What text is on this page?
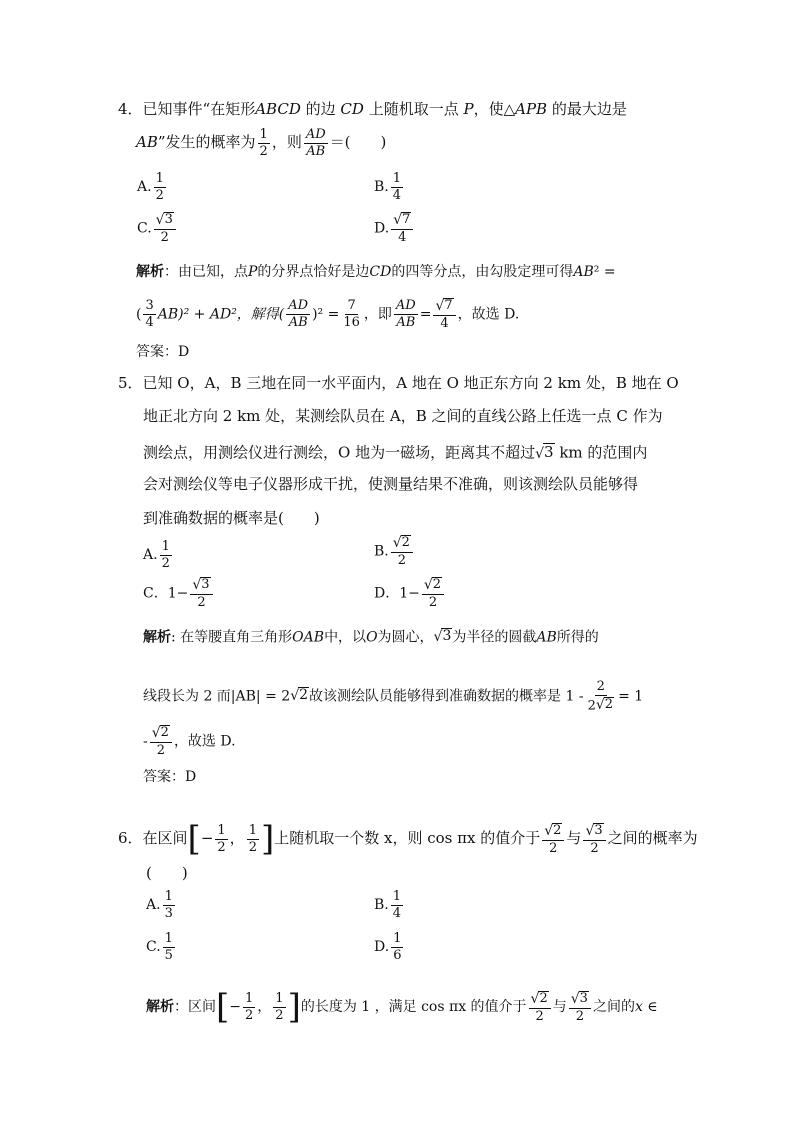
4．已知事件“在矩形ABCD 的边 CD 上随机取一点 P，使△APB 的最大边是
AB”发生的概率为 $\frac{1}{2}$ ，则 $\frac{AD}{AB}$ ＝(　　)
A. $\frac{1}{2}$	B. $\frac{1}{4}$
C. $\frac{√ 3}{2}$	D. $\frac{√ 7}{4}$
解析：由已知，点P的分界点恰好是边CD的四等分点，由勾股定理可得AB² =
( $\frac{3}{4} AB)^2 + AD^2$，解得( $\frac{AD}{AB} )^2 = \frac{7}{16}$ ，即 $\frac{AD}{AB} = \frac{√ 7}{4}$ ，故选 D.
答案：D
5．已知 O，A，B 三地在同一水平面内，A 地在 O 地正东方向 2 km 处，B 地在 O
地正北方向 2 km 处，某测绘队员在 A，B 之间的直线公路上任选一点 C 作为
测绘点，用测绘仪进行测绘，O 地为一磁场，距离其不超过 √ 3 km 的范围内
会对测绘仪等电子仪器形成干扰，使测量结果不准确，则该测绘队员能够得
到准确数据的概率是(　　)
A. $\frac{1}{2}$	B. $\frac{√ 2}{2}$
C．$1- \frac{√ 3}{2}$	D．$1- \frac{√ 2}{2}$
解析: 在等腰直角三角形OAB中，以O为圆心， √ 3 为半径的圆截AB所得的
线段长为 2 而|AB| = 2 √ 2 故该测绘队员能够得到准确数据的概率是 $1 - \frac{2}{2 √ 2} = 1$
- $\frac{√ 2}{2}$ ，故选 D.
答案：D
6．在区间[− $\frac{1}{2}$ ， $\frac{1}{2}$ ]上随机取一个数 x，则 cos πx 的值介于 $\frac{√ 2}{2}$ 与 $\frac{√ 3}{2}$ 之间的概率为
(　　)
A. $\frac{1}{3}$	B. $\frac{1}{4}$
C. $\frac{1}{5}$	D. $\frac{1}{6}$
解析：区间[− $\frac{1}{2}$ ， $\frac{1}{2}$ ]的长度为 1 ，满足 cos πx 的值介于 $\frac{√ 2}{2}$ 与 $\frac{√ 3}{2}$ 之间的x ∈
